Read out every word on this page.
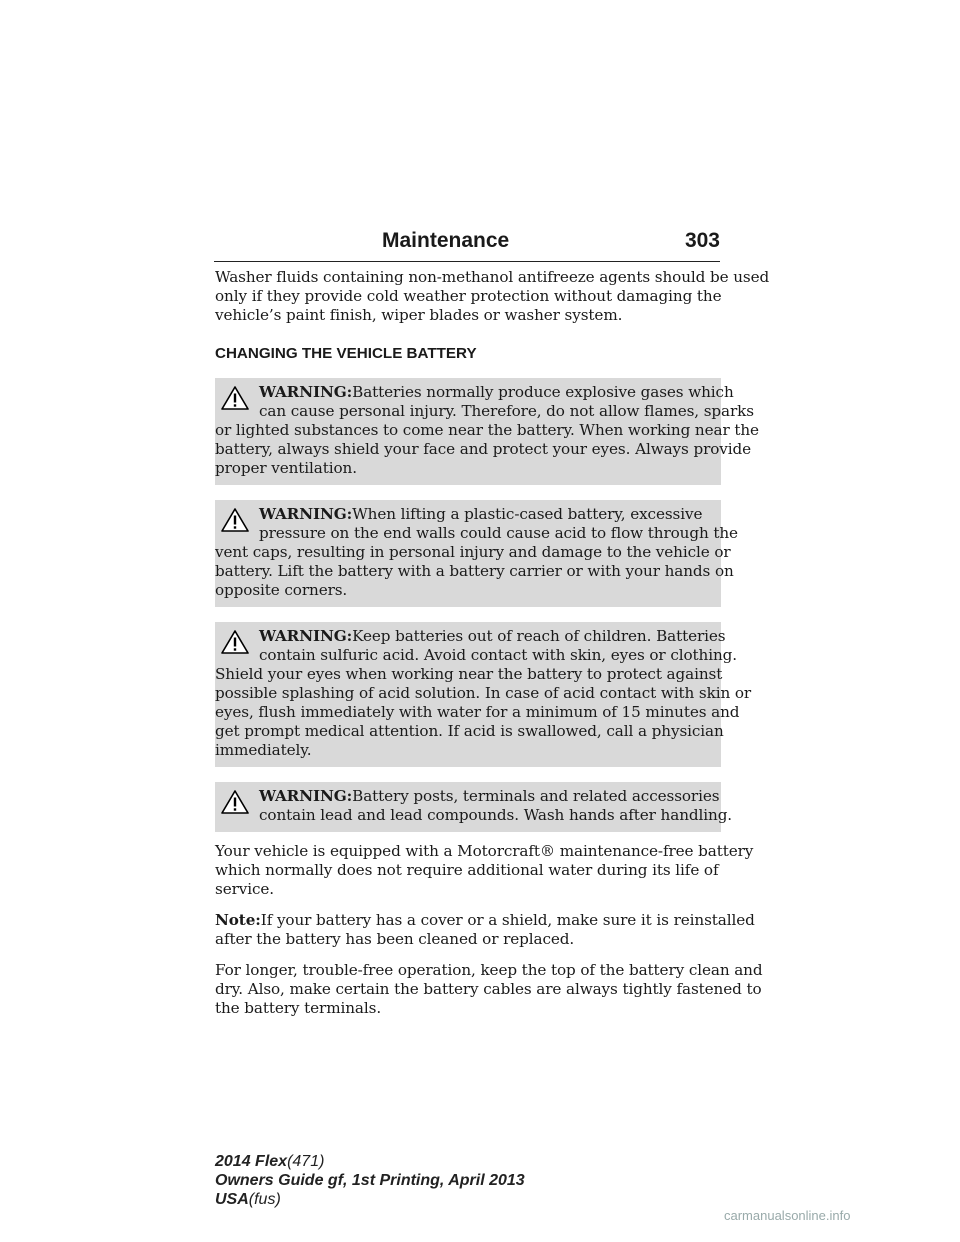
Maintenance	303

Washer fluids containing non-methanol antifreeze agents should be used
only if they provide cold weather protection without damaging the
vehicle’s paint finish, wiper blades or washer system.

CHANGING THE VEHICLE BATTERY
WARNING:Batteries normally produce explosive gases which
can cause personal injury. Therefore, do not allow flames, sparks
or lighted substances to come near the battery. When working near the
battery, always shield your face and protect your eyes. Always provide
proper ventilation.
WARNING:When lifting a plastic-cased battery, excessive
pressure on the end walls could cause acid to flow through the
vent caps, resulting in personal injury and damage to the vehicle or
battery. Lift the battery with a battery carrier or with your hands on
opposite corners.
WARNING:Keep batteries out of reach of children. Batteries
contain sulfuric acid. Avoid contact with skin, eyes or clothing.
Shield your eyes when working near the battery to protect against
possible splashing of acid solution. In case of acid contact with skin or
eyes, flush immediately with water for a minimum of 15 minutes and
get prompt medical attention. If acid is swallowed, call a physician
immediately.
WARNING:Battery posts, terminals and related accessories
contain lead and lead compounds. Wash hands after handling.

Your vehicle is equipped with a Motorcraft® maintenance-free battery
which normally does not require additional water during its life of
service.

Note:If your battery has a cover or a shield, make sure it is reinstalled
after the battery has been cleaned or replaced.

For longer, trouble-free operation, keep the top of the battery clean and
dry. Also, make certain the battery cables are always tightly fastened to
the battery terminals.

2014 Flex(471)
Owners Guide gf, 1st Printing, April 2013
USA(fus)
carmanualsonline.info
